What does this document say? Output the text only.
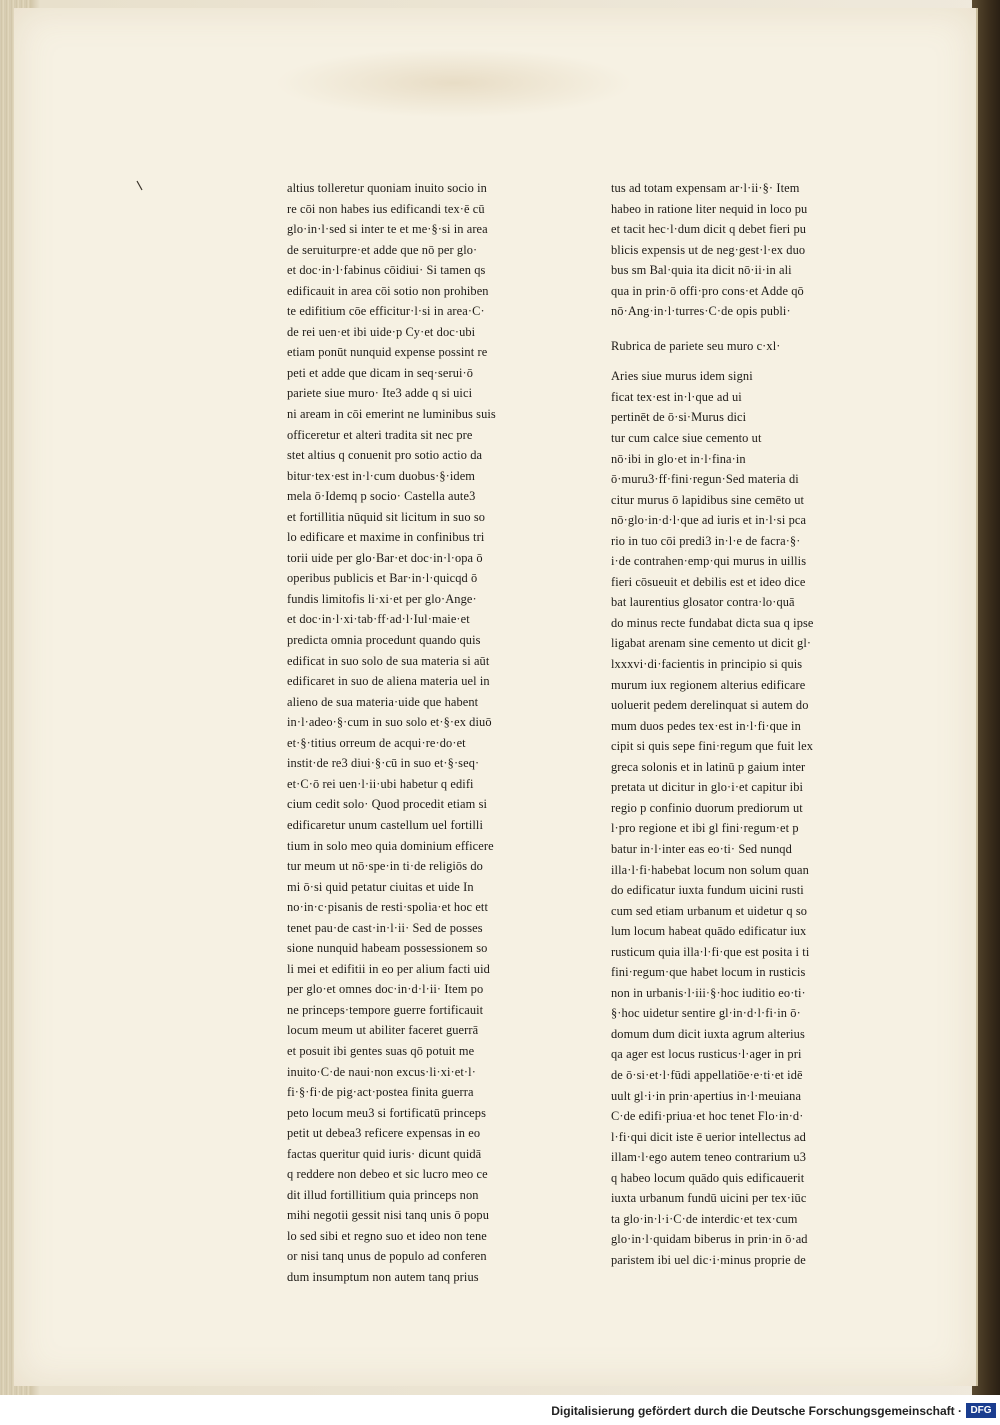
altius tolleretur quoniam inuito socio in
re cōi non habes ius edificandi tex·ē cū
glo·in·l·sed si inter te et me·§·si in area
de seruiturpre·et adde que nō per glo·
et doc·in·l·fabinus cōidiui· Si tamen qs
edificauit in area cōi sotio non prohiben
te edifitium cōe efficitur·l·si in area·C·
de rei uen·et ibi uide·p Cy·et doc·ubi
etiam ponūt nunquid expense possint re
peti et adde que dicam in seq·serui·ō
pariete siue muro· Ite3 adde q si uici
ni aream in cōi emerint ne luminibus suis
officeretur et alteri tradita sit nec pre
stet altius q conuenit pro sotio actio da
bitur·tex·est in·l·cum duobus·§·idem
mela ō·Idemq p socio· Castella aute3
et fortillitia nūquid sit licitum in suo so
lo edificare et maxime in confinibus tri
torii uide per glo·Bar·et doc·in·l·opa ō
operibus publicis et Bar·in·l·quicqd ō
fundis limitofis li·xi·et per glo·Ange·
et doc·in·l·xi·tab·ff·ad·l·Iul·maie·et
predicta omnia procedunt quando quis
edificat in suo solo de sua materia si aūt
edificaret in suo de aliena materia uel in
alieno de sua materia·uide que habent
in·l·adeo·§·cum in suo solo et·§·ex diuō
et·§·titius orreum de acqui·re·do·et
instit·de re3 diui·§·cū in suo et·§·seq·
et·C·ō rei uen·l·ii·ubi habetur q edifi
cium cedit solo· Quod procedit etiam si
edificaretur unum castellum uel fortilli
tium in solo meo quia dominium efficere
tur meum ut nō·spe·in ti·de religiōs do
mi ō·si quid petatur ciuitas et uide In
no·in·c·pisanis de resti·spolia·et hoc ett
tenet pau·de cast·in·l·ii· Sed de posses
sione nunquid habeam possessionem so
li mei et edifitii in eo per alium facti uid
per glo·et omnes doc·in·d·l·ii· Item po
ne princeps·tempore guerre fortificauit
locum meum ut abiliter faceret guerrā
et posuit ibi gentes suas qō potuit me
inuito·C·de naui·non excus·li·xi·et·l·
fi·§·fi·de pig·act·postea finita guerra
peto locum meu3 si fortificatū princeps
petit ut debea3 reficere expensas in eo
factas queritur quid iuris· dicunt quidā
q reddere non debeo et sic lucro meo ce
dit illud fortillitium quia princeps non
mihi negotii gessit nisi tanq unis ō popu
lo sed sibi et regno suo et ideo non tene
or nisi tanq unus de populo ad conferen
dum insumptum non autem tanq prius
tus ad totam expensam ar·l·ii·§· Item
habeo in ratione liter nequid in loco pu
et tacit hec·l·dum dicit q debet fieri pu
blicis expensis ut de neg·gest·l·ex duo
bus sm Bal·quia ita dicit nō·ii·in ali
qua in prin·ō offi·pro cons·et Adde qō
nō·Ang·in·l·turres·C·de opis publi·
Rubrica de pariete seu muro c·xl·
Aries siue murus idem signi
ficat tex·est in·l·que ad ui
pertinēt de ō·si·Murus dici
tur cum calce siue cemento ut
nō·ibi in glo·et in·l·fina·in
ō·muru3·ff·fini·regun·Sed materia di
citur murus ō lapidibus sine cemēto ut
nō·glo·in·d·l·que ad iuris et in·l·si pca
rio in tuo cōi predi3 in·l·e de facra·§·
i·de contrahen·emp·qui murus in uillis
fieri cōsueuit et debilis est et ideo dice
bat laurentius glosator contra·lo·quā
do minus recte fundabat dicta sua q ipse
ligabat arenam sine cemento ut dicit gl·
lxxxvi·di·facientis in principio si quis
murum iux regionem alterius edificare
uoluerit pedem derelinquat si autem do
mum duos pedes tex·est in·l·fi·que in
cipit si quis sepe fini·regum que fuit lex
greca solonis et in latinū p gaium inter
pretata ut dicitur in glo·i·et capitur ibi
regio p confinio duorum prediorum ut
l·pro regione et ibi gl fini·regum·et p
batur in·l·inter eas eo·ti· Sed nunqd
illa·l·fi·habebat locum non solum quan
do edificatur iuxta fundum uicini rusti
cum sed etiam urbanum et uidetur q so
lum locum habeat quādo edificatur iux
rusticum quia illa·l·fi·que est posita i ti
fini·regum·que habet locum in rusticis
non in urbanis·l·iii·§·hoc iuditio eo·ti·
§·hoc uidetur sentire gl·in·d·l·fi·in ō·
domum dum dicit iuxta agrum alterius
qa ager est locus rusticus·l·ager in pri
de ō·si·et·l·fūdi appellatiōe·e·ti·et idē
uult gl·i·in prin·apertius in·l·meuiana
C·de edifi·priua·et hoc tenet Flo·in·d·
l·fi·qui dicit iste ē uerior intellectus ad
illam·l·ego autem teneo contrarium u3
q habeo locum quādo quis edificauerit
iuxta urbanum fundū uicini per tex·iūc
ta glo·in·l·i·C·de interdic·et tex·cum
glo·in·l·quidam biberus in prin·in ō·ad
paristem ibi uel dic·i·minus proprie de
Digitalisierung gefördert durch die Deutsche Forschungsgemeinschaft · DFG
